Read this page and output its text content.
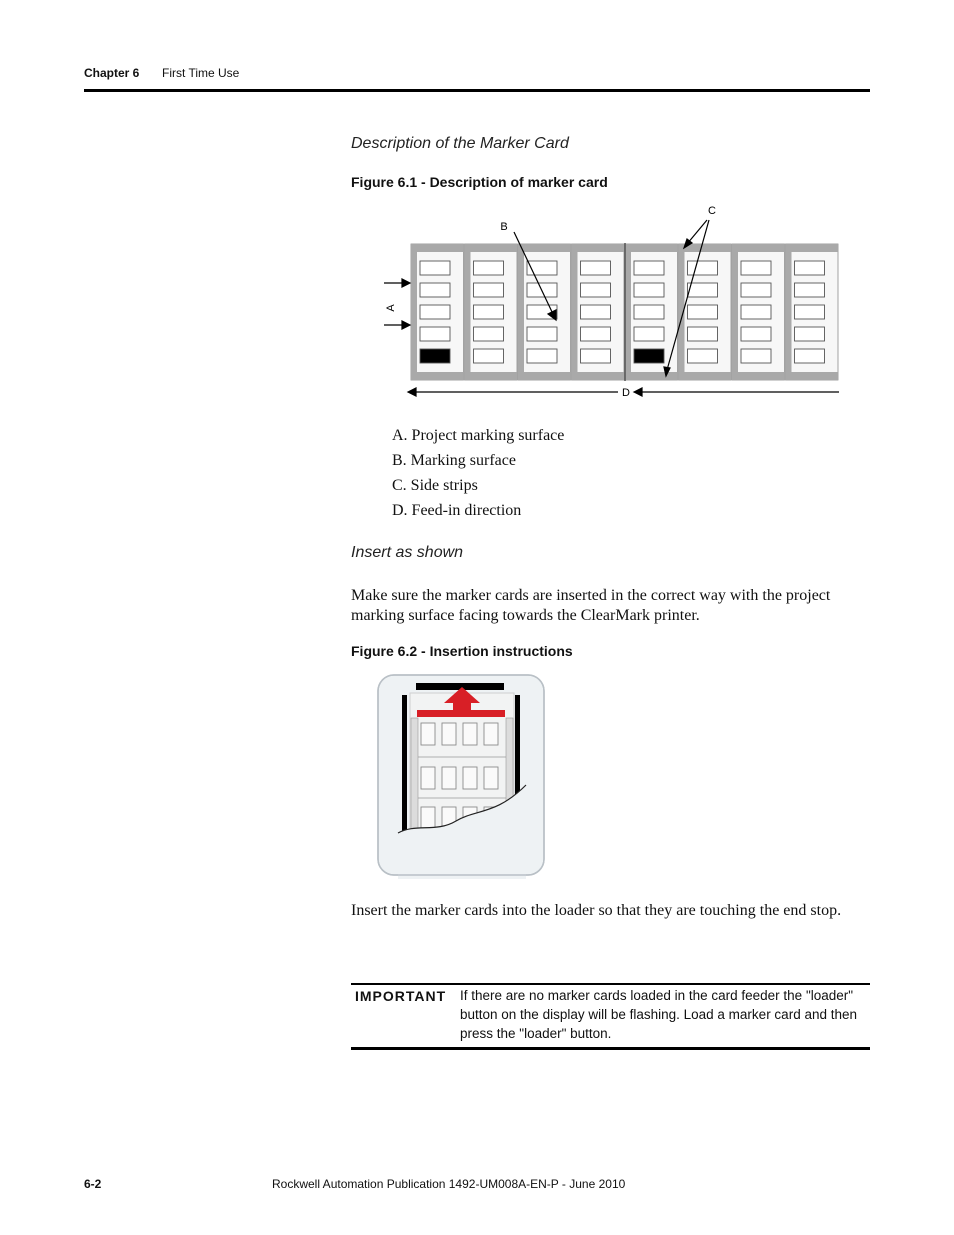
Chapter 6 First Time Use
Description of the Marker Card
Figure 6.1 - Description of marker card
A
B
C
D
A. Project marking surface
B. Marking surface
C. Side strips
D. Feed-in direction
Insert as shown
Make sure the marker cards are inserted in the correct way with the project marking surface facing towards the ClearMark printer.
Figure 6.2 - Insertion instructions
Insert the marker cards into the loader so that they are touching the end stop.
IMPORTANT If there are no marker cards loaded in the card feeder the "loader" button on the display will be flashing. Load a marker card and then press the "loader" button.
6-2	Rockwell Automation Publication 1492-UM008A-EN-P - June 2010
